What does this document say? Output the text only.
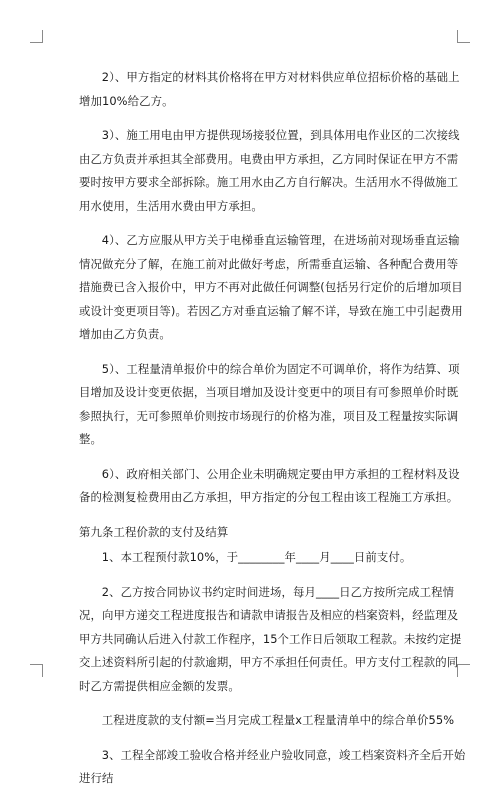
2）、甲方指定的材料其价格将在甲方对材料供应单位招标价格的基础上增加10%给乙方。

3）、施工用电由甲方提供现场接驳位置，到具体用电作业区的二次接线由乙方负责并承担其全部费用。电费由甲方承担，乙方同时保证在甲方不需要时按甲方要求全部拆除。施工用水由乙方自行解决。生活用水不得做施工用水使用，生活用水费由甲方承担。

4）、乙方应服从甲方关于电梯垂直运输管理，在进场前对现场垂直运输情况做充分了解，在施工前对此做好考虑，所需垂直运输、各种配合费用等措施费已含入报价中，甲方不再对此做任何调整(包括另行定价的后增加项目或设计变更项目等)。若因乙方对垂直运输了解不详，导致在施工中引起费用增加由乙方负责。

5）、工程量清单报价中的综合单价为固定不可调单价，将作为结算、项目增加及设计变更依据，当项目增加及设计变更中的项目有可参照单价时既参照执行，无可参照单价则按市场现行的价格为准，项目及工程量按实际调整。

6）、政府相关部门、公用企业未明确规定要由甲方承担的工程材料及设备的检测复检费用由乙方承担，甲方指定的分包工程由该工程施工方承担。

第九条工程价款的支付及结算

1、本工程预付款10%，于________年____月____日前支付。

2、乙方按合同协议书约定时间进场，每月____日乙方按所完成工程情况，向甲方递交工程进度报告和请款申请报告及相应的档案资料，经监理及甲方共同确认后进入付款工作程序，15个工作日后领取工程款。未按约定提交上述资料所引起的付款逾期，甲方不承担任何责任。甲方支付工程款的同时乙方需提供相应金额的发票。

工程进度款的支付额=当月完成工程量x工程量清单中的综合单价55%

3、工程全部竣工验收合格并经业户验收同意，竣工档案资料齐全后开始进行结
